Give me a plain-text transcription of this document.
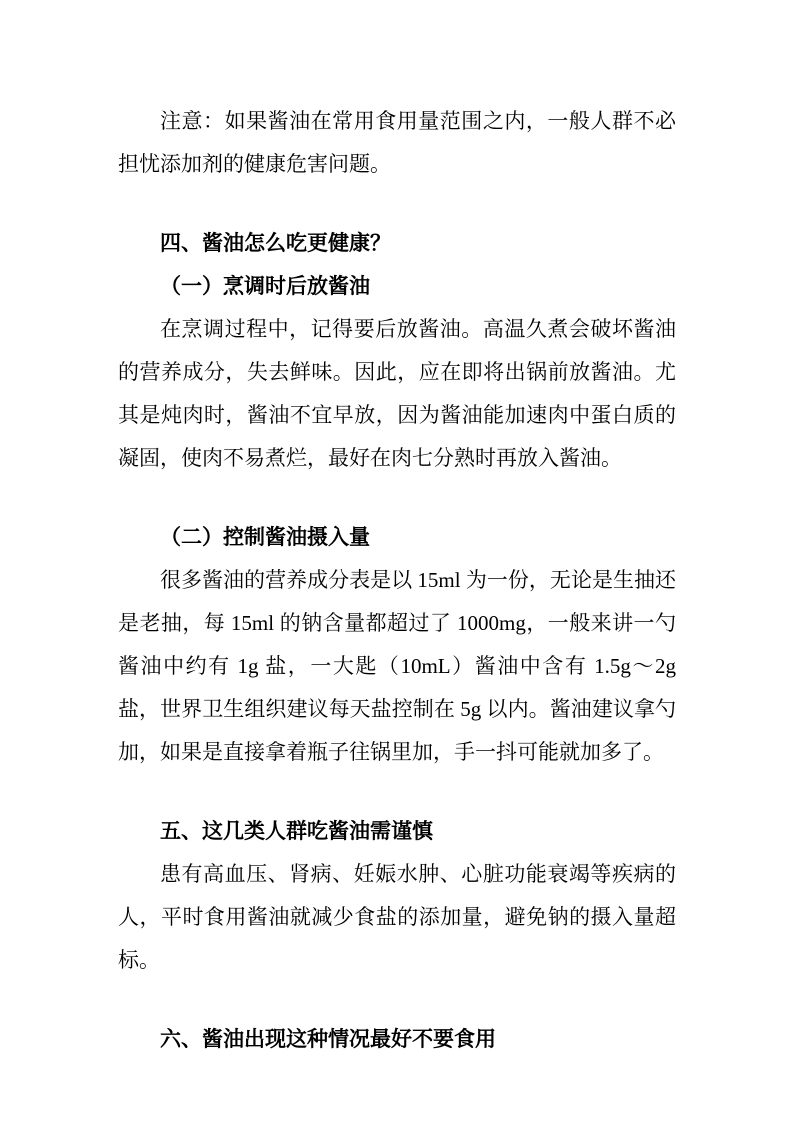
注意：如果酱油在常用食用量范围之内，一般人群不必担忧添加剂的健康危害问题。

四、酱油怎么吃更健康？
（一）烹调时后放酱油

在烹调过程中，记得要后放酱油。高温久煮会破坏酱油的营养成分，失去鲜味。因此，应在即将出锅前放酱油。尤其是炖肉时，酱油不宜早放，因为酱油能加速肉中蛋白质的凝固，使肉不易煮烂，最好在肉七分熟时再放入酱油。

（二）控制酱油摄入量

很多酱油的营养成分表是以 15ml 为一份，无论是生抽还是老抽，每 15ml 的钠含量都超过了 1000mg，一般来讲一勺酱油中约有 1g 盐，一大匙（10mL）酱油中含有 1.5g～2g 盐，世界卫生组织建议每天盐控制在 5g 以内。酱油建议拿勺加，如果是直接拿着瓶子往锅里加，手一抖可能就加多了。

五、这几类人群吃酱油需谨慎

患有高血压、肾病、妊娠水肿、心脏功能衰竭等疾病的人，平时食用酱油就减少食盐的添加量，避免钠的摄入量超标。

六、酱油出现这种情况最好不要食用
